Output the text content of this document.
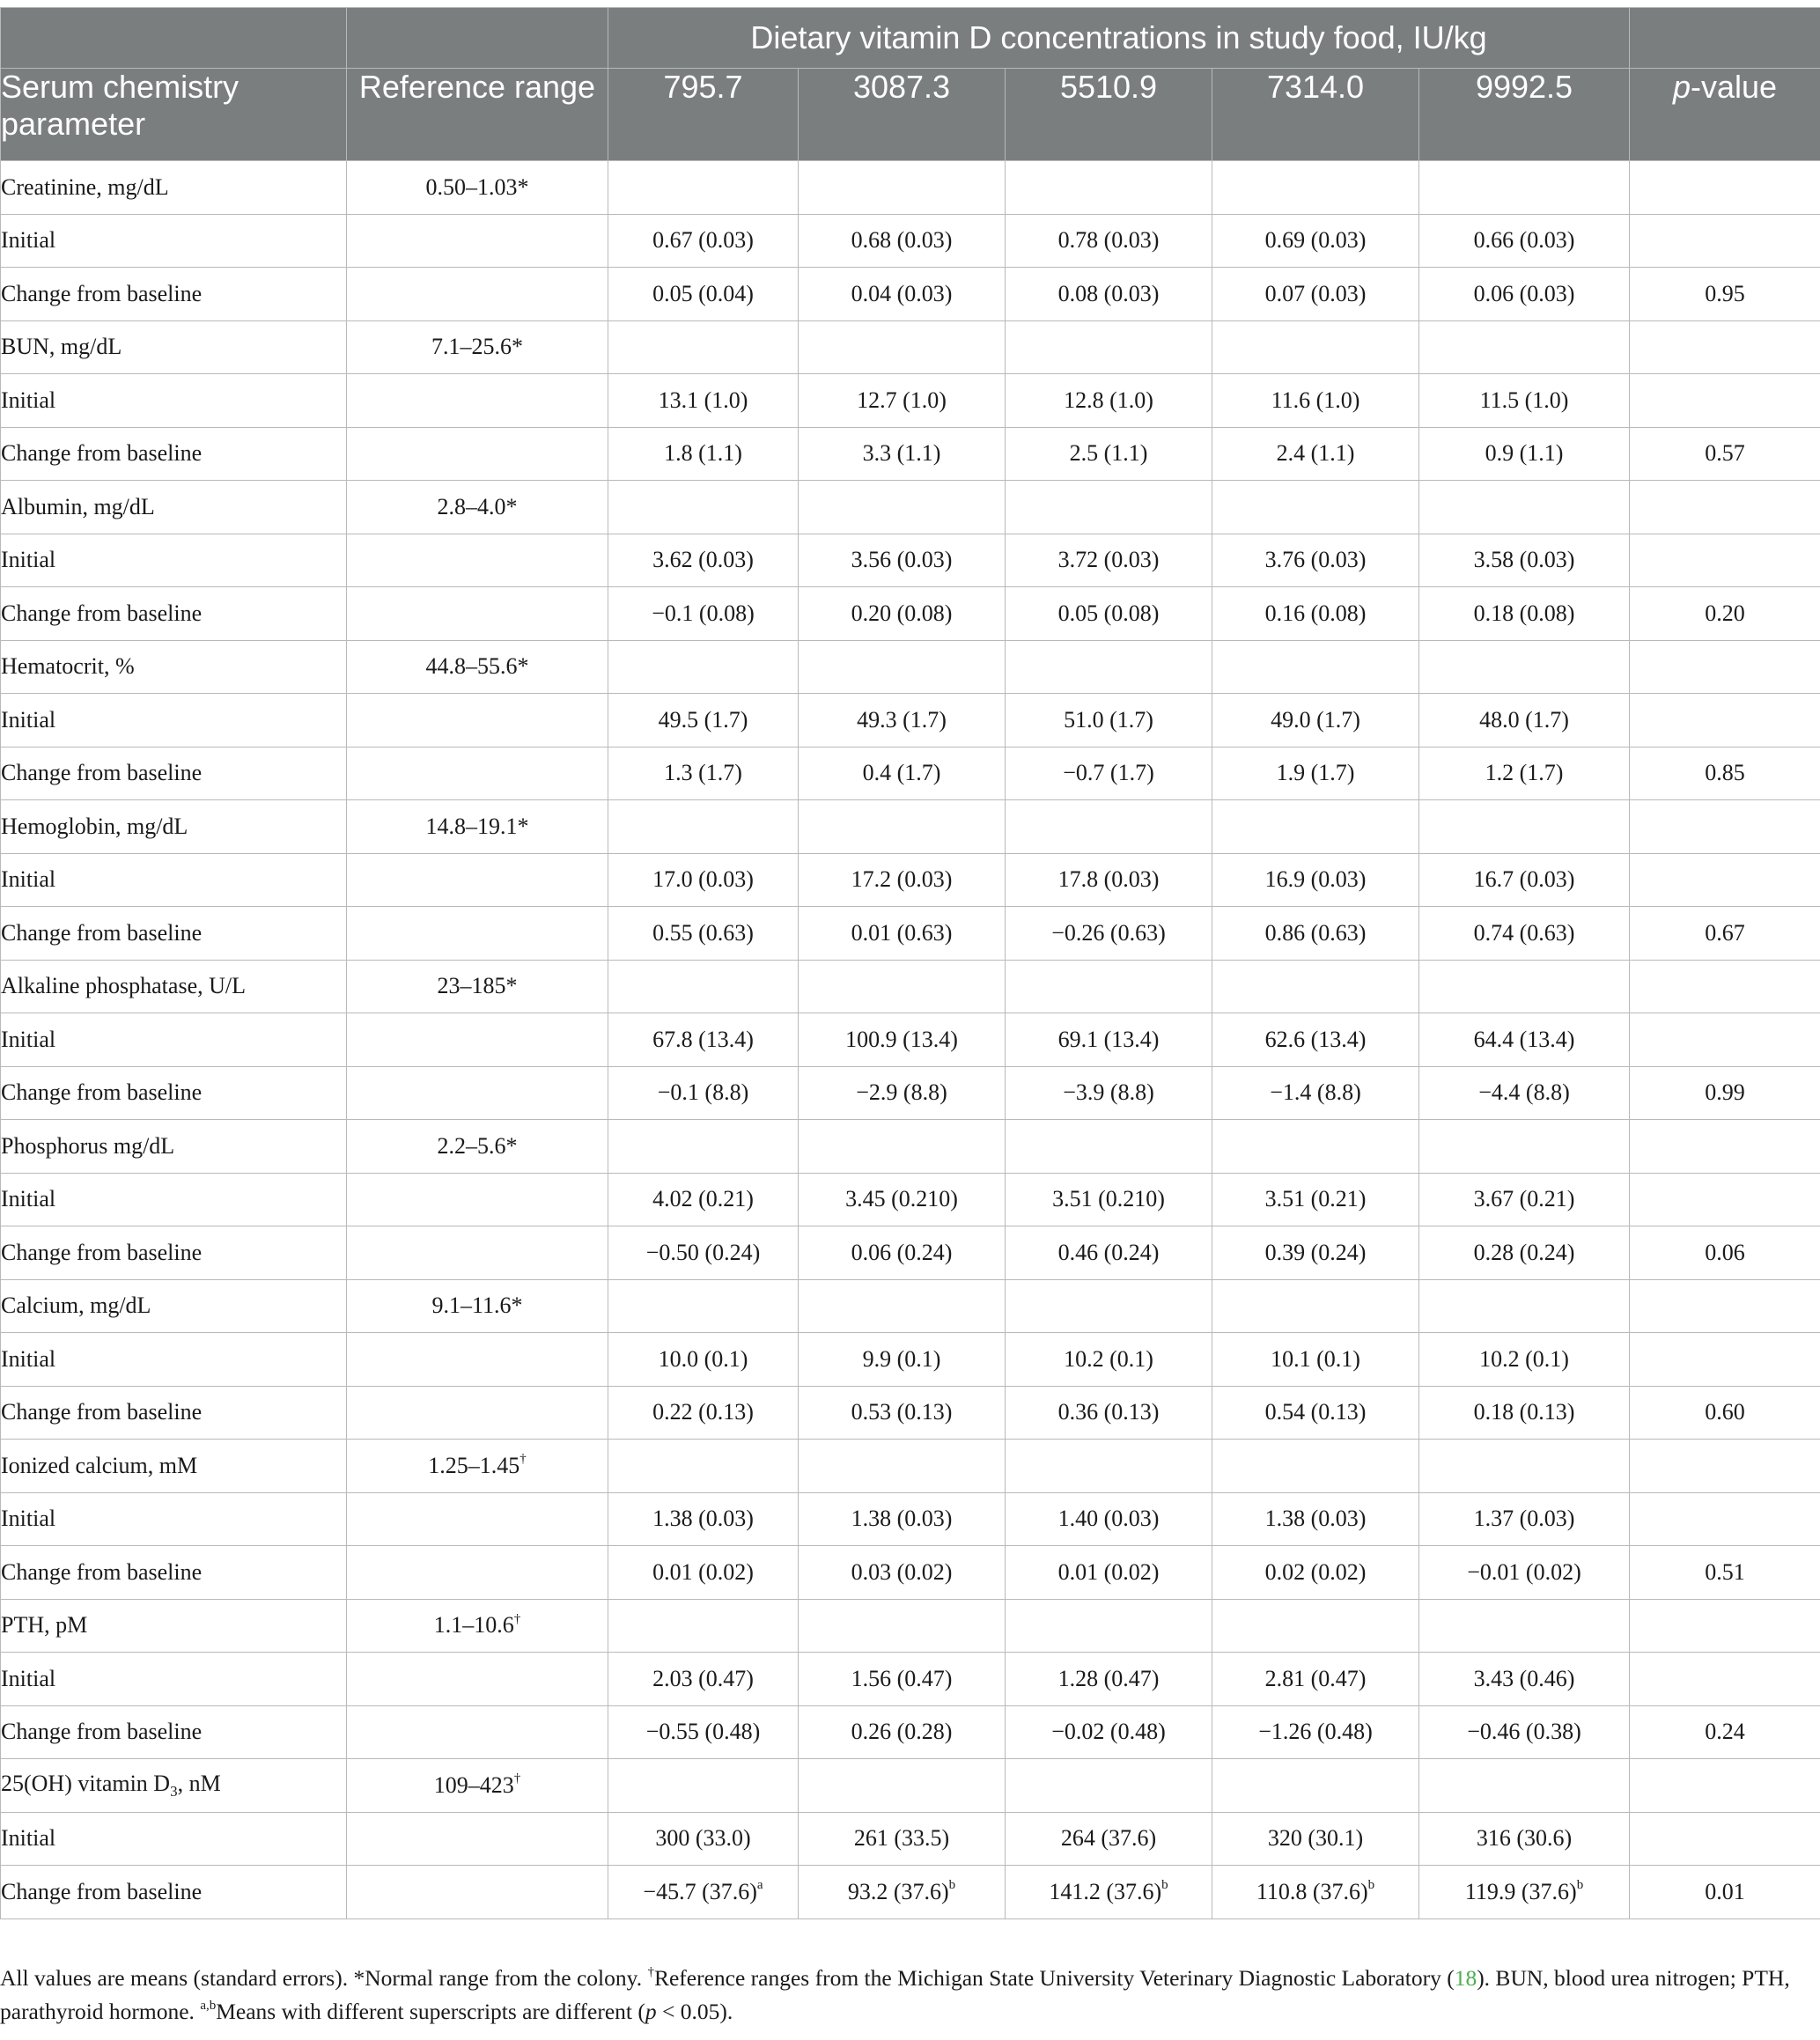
		Dietary vitamin D concentrations in study food, IU/kg					
Serum chemistry parameter	Reference range	795.7	3087.3	5510.9	7314.0	9992.5	p-value
Creatinine, mg/dL	0.50–1.03*						
Initial		0.67 (0.03)	0.68 (0.03)	0.78 (0.03)	0.69 (0.03)	0.66 (0.03)	
Change from baseline		0.05 (0.04)	0.04 (0.03)	0.08 (0.03)	0.07 (0.03)	0.06 (0.03)	0.95
BUN, mg/dL	7.1–25.6*						
Initial		13.1 (1.0)	12.7 (1.0)	12.8 (1.0)	11.6 (1.0)	11.5 (1.0)	
Change from baseline		1.8 (1.1)	3.3 (1.1)	2.5 (1.1)	2.4 (1.1)	0.9 (1.1)	0.57
Albumin, mg/dL	2.8–4.0*						
Initial		3.62 (0.03)	3.56 (0.03)	3.72 (0.03)	3.76 (0.03)	3.58 (0.03)	
Change from baseline		−0.1 (0.08)	0.20 (0.08)	0.05 (0.08)	0.16 (0.08)	0.18 (0.08)	0.20
Hematocrit, %	44.8–55.6*						
Initial		49.5 (1.7)	49.3 (1.7)	51.0 (1.7)	49.0 (1.7)	48.0 (1.7)	
Change from baseline		1.3 (1.7)	0.4 (1.7)	−0.7 (1.7)	1.9 (1.7)	1.2 (1.7)	0.85
Hemoglobin, mg/dL	14.8–19.1*						
Initial		17.0 (0.03)	17.2 (0.03)	17.8 (0.03)	16.9 (0.03)	16.7 (0.03)	
Change from baseline		0.55 (0.63)	0.01 (0.63)	−0.26 (0.63)	0.86 (0.63)	0.74 (0.63)	0.67
Alkaline phosphatase, U/L	23–185*						
Initial		67.8 (13.4)	100.9 (13.4)	69.1 (13.4)	62.6 (13.4)	64.4 (13.4)	
Change from baseline		−0.1 (8.8)	−2.9 (8.8)	−3.9 (8.8)	−1.4 (8.8)	−4.4 (8.8)	0.99
Phosphorus mg/dL	2.2–5.6*						
Initial		4.02 (0.21)	3.45 (0.210)	3.51 (0.210)	3.51 (0.21)	3.67 (0.21)	
Change from baseline		−0.50 (0.24)	0.06 (0.24)	0.46 (0.24)	0.39 (0.24)	0.28 (0.24)	0.06
Calcium, mg/dL	9.1–11.6*						
Initial		10.0 (0.1)	9.9 (0.1)	10.2 (0.1)	10.1 (0.1)	10.2 (0.1)	
Change from baseline		0.22 (0.13)	0.53 (0.13)	0.36 (0.13)	0.54 (0.13)	0.18 (0.13)	0.60
Ionized calcium, mM	1.25–1.45†						
Initial		1.38 (0.03)	1.38 (0.03)	1.40 (0.03)	1.38 (0.03)	1.37 (0.03)	
Change from baseline		0.01 (0.02)	0.03 (0.02)	0.01 (0.02)	0.02 (0.02)	−0.01 (0.02)	0.51
PTH, pM	1.1–10.6†						
Initial		2.03 (0.47)	1.56 (0.47)	1.28 (0.47)	2.81 (0.47)	3.43 (0.46)	
Change from baseline		−0.55 (0.48)	0.26 (0.28)	−0.02 (0.48)	−1.26 (0.48)	−0.46 (0.38)	0.24
25(OH) vitamin $D_3$, nM	109–423†						
Initial		300 (33.0)	261 (33.5)	264 (37.6)	320 (30.1)	316 (30.6)	
Change from baseline		−45.7 $(37.6)^a$	93.2 $(37.6)^b$	141.2 $(37.6)^b$	110.8 $(37.6)^b$	119.9 $(37.6)^b$	0.01
All values are means (standard errors). *Normal range from the colony. †Reference ranges from the Michigan State University Veterinary Diagnostic Laboratory (18). BUN, blood urea nitrogen; PTH, parathyroid hormone. $^{a,b}$Means with different superscripts are different (p < 0.05).
